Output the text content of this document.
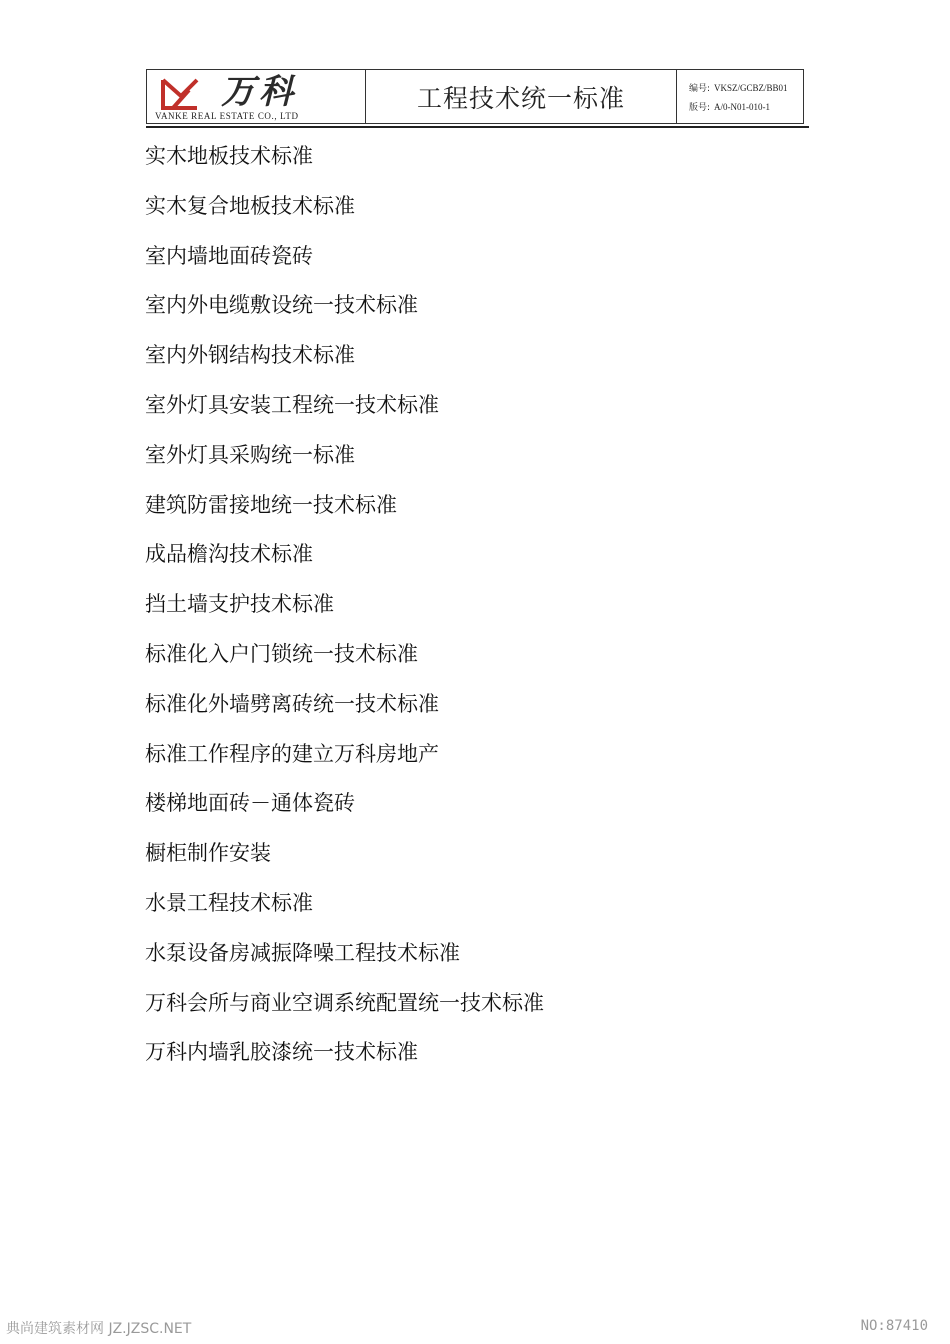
万科
VANKE REAL ESTATE CO., LTD
工程技术统一标准	编号: VKSZ/GCBZ/BB01
版号: A/0-N01-010-1
实木地板技术标准
实木复合地板技术标准
室内墙地面砖瓷砖
室内外电缆敷设统一技术标准
室内外钢结构技术标准
室外灯具安装工程统一技术标准
室外灯具采购统一标准
建筑防雷接地统一技术标准
成品檐沟技术标准
挡土墙支护技术标准
标准化入户门锁统一技术标准
标准化外墙劈离砖统一技术标准
标准工作程序的建立万科房地产
楼梯地面砖－通体瓷砖
橱柜制作安装
水景工程技术标准
水泵设备房减振降噪工程技术标准
万科会所与商业空调系统配置统一技术标准
万科内墙乳胶漆统一技术标准
典尚建筑素材网 JZ.JZSC.NET	NO:87410
